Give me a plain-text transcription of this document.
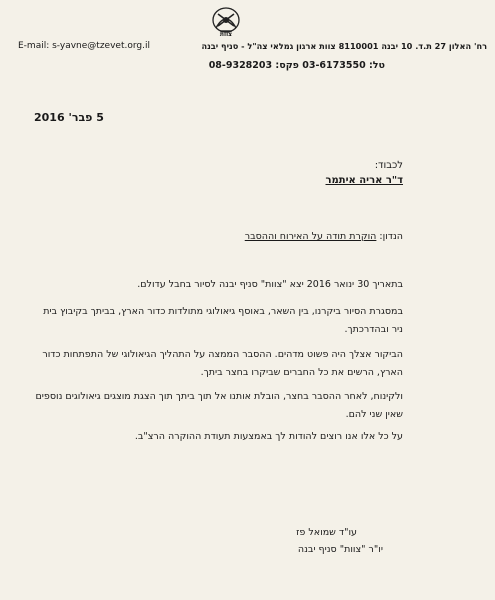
צוות
רח' האלון 27 ת.ד. 10 יבנה 8110001 צוות ארגון גמלאי צה"ל - סניף יבנה
E-mail: s-yavne@tzevet.org.il
טל: 03-6173550 פקס: 08-9328203
5 פבר' 2016
לכבוד:
ד"ר אריה איתמר
הנדון: הוקרת תודה על האירוח וההסבר
בתאריך 30 ינואר 2016 יצא "צוות" סניף יבנה לסיור בחבל עדולם.
במסגרת הסיור ביקרנו, בין השאר, באוסף גיאולוגי מתולדות כדור הארץ, בביתך בקיבוץ בית ניר ובהדרכתך.
הביקור אצלך היה פשוט מדהים. ההסבר הממצה על התהליך הגיאולוגי של התפתחות כדור הארץ, הרשים את כל החברים שביקרו בחצר ביתך.
ולקינוח, לאחר ההסבר בחצר, הובלת אותנו אל תוך ביתך תוך הצגת מוצגים גיאולוגים נוספים שאין שני להם.
על כל אלו אנו רוצים להודות לך באמצעות תעודת ההוקרה הרצ"ב.
עו"ד שמואל פז
יו"ר "צוות" סניף יבנה
